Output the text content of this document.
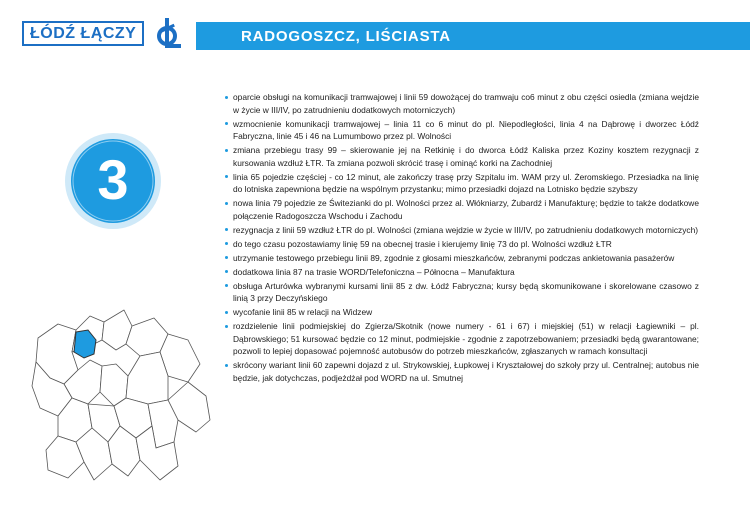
ŁÓDŹ ŁĄCZY	RADOGOSZCZ, LIŚCIASTA
3
oparcie obsługi na komunikacji tramwajowej i linii 59 dowożącej do tramwaju co6 minut z obu części osiedla (zmiana wejdzie w życie w III/IV, po zatrudnieniu dodatkowych motorniczych)
wzmocnienie komunikacji tramwajowej – linia 11 co 6 minut do pl. Niepodległości, linia 4 na Dąbrowę i dworzec Łódź Fabryczna, linie 45 i 46 na Lumumbowo przez pl. Wolności
zmiana przebiegu trasy 99 – skierowanie jej na Retkinię i do dworca Łódź Kaliska przez Koziny kosztem rezygnacji z kursowania wzdłuż ŁTR. Ta zmiana pozwoli skrócić trasę i ominąć korki na Zachodniej
linia 65 pojedzie częściej - co 12 minut, ale zakończy trasę przy Szpitalu im. WAM przy ul. Żeromskiego. Przesiadka na linię do lotniska zapewniona będzie na wspólnym przystanku; mimo przesiadki dojazd na Lotnisko będzie szybszy
nowa linia 79 pojedzie ze Świtezianki do pl. Wolności przez al. Włókniarzy, Żubardź i Manufakturę; będzie to także dodatkowe połączenie Radogoszcza Wschodu i Zachodu
rezygnacja z linii 59 wzdłuż ŁTR do pl. Wolności (zmiana wejdzie w życie w III/IV, po zatrudnieniu dodatkowych motorniczych)
do tego czasu pozostawiamy linię 59 na obecnej trasie i kierujemy linię 73 do pl. Wolności wzdłuż ŁTR
utrzymanie testowego przebiegu linii 89, zgodnie z głosami mieszkańców, zebranymi podczas ankietowania pasażerów
dodatkowa linia 87 na trasie WORD/Telefoniczna – Północna – Manufaktura
obsługa Arturówka wybranymi kursami linii 85 z dw. Łódź Fabryczna; kursy będą skomunikowane i skorelowane czasowo z linią 3 przy Deczyńskiego
wycofanie linii 85 w relacji na Widzew
rozdzielenie linii podmiejskiej do Zgierza/Skotnik (nowe numery - 61 i 67) i miejskiej (51) w relacji Łagiewniki – pl. Dąbrowskiego; 51 kursować będzie co 12 minut, podmiejskie - zgodnie z zapotrzebowaniem; przesiadki będą gwarantowane; pozwoli to lepiej dopasować pojemność autobusów do potrzeb mieszkańców, zgłaszanych w ramach konsultacji
skrócony wariant linii 60 zapewni dojazd z ul. Strykowskiej, Łupkowej i Kryształowej do szkoły przy ul. Centralnej; autobus nie będzie, jak dotychczas, podjeżdżał pod WORD na ul. Smutnej
